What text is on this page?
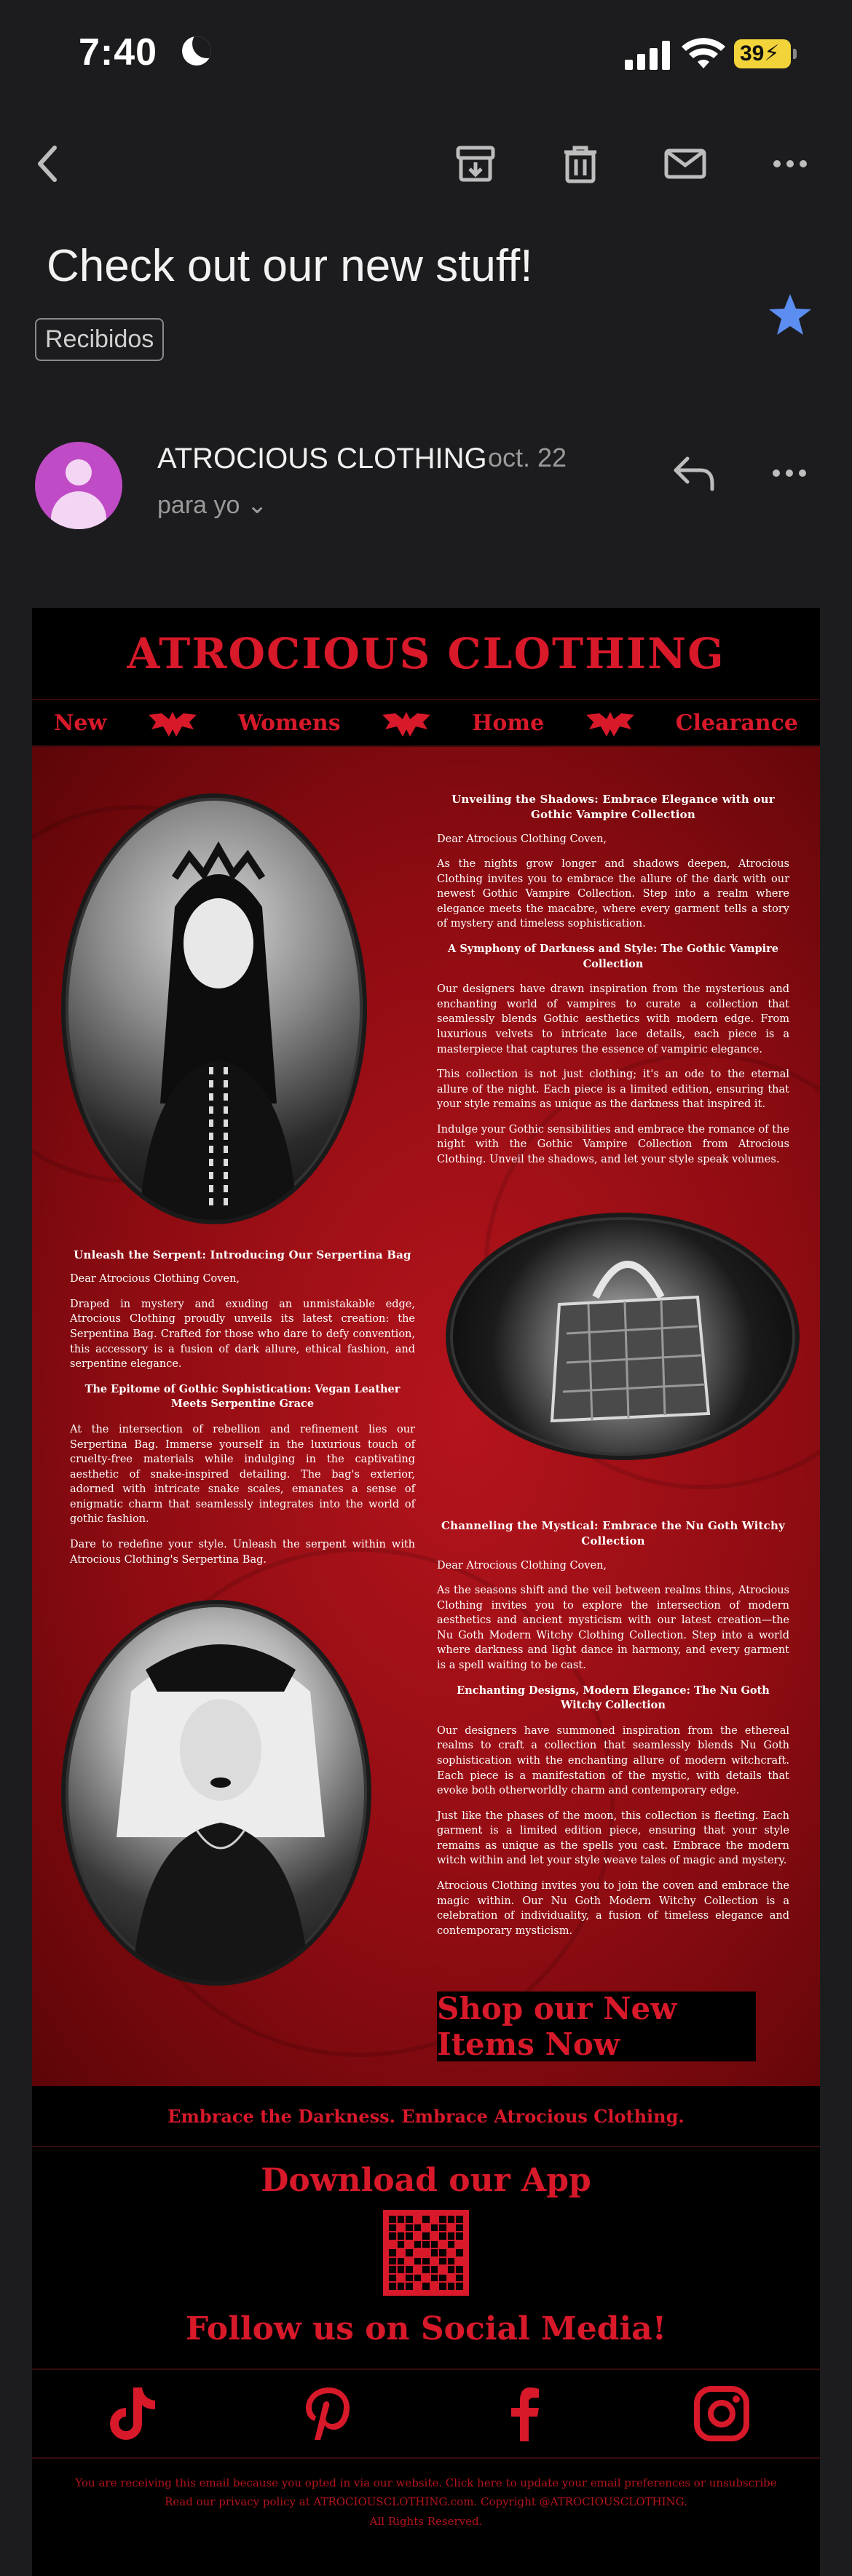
7:40	39⚡
Check out our new stuff!
Recibidos
ATROCIOUS CLOTHING oct. 22
para yo ⌄
ATROCIOUS CLOTHING
New	Womens	Home	Clearance
Unveiling the Shadows: Embrace Elegance with our Gothic Vampire Collection

Dear Atrocious Clothing Coven,

As the nights grow longer and shadows deepen, Atrocious Clothing invites you to embrace the allure of the dark with our newest Gothic Vampire Collection. Step into a realm where elegance meets the macabre, where every garment tells a story of mystery and timeless sophistication.

A Symphony of Darkness and Style: The Gothic Vampire Collection

Our designers have drawn inspiration from the mysterious and enchanting world of vampires to curate a collection that seamlessly blends Gothic aesthetics with modern edge. From luxurious velvets to intricate lace details, each piece is a masterpiece that captures the essence of vampiric elegance.

This collection is not just clothing; it's an ode to the eternal allure of the night. Each piece is a limited edition, ensuring that your style remains as unique as the darkness that inspired it.

Indulge your Gothic sensibilities and embrace the romance of the night with the Gothic Vampire Collection from Atrocious Clothing. Unveil the shadows, and let your style speak volumes.

Unleash the Serpent: Introducing Our Serpertina Bag

Dear Atrocious Clothing Coven,

Draped in mystery and exuding an unmistakable edge, Atrocious Clothing proudly unveils its latest creation: the Serpentina Bag. Crafted for those who dare to defy convention, this accessory is a fusion of dark allure, ethical fashion, and serpentine elegance.

The Epitome of Gothic Sophistication: Vegan Leather Meets Serpentine Grace

At the intersection of rebellion and refinement lies our Serpertina Bag. Immerse yourself in the luxurious touch of cruelty-free materials while indulging in the captivating aesthetic of snake-inspired detailing. The bag's exterior, adorned with intricate snake scales, emanates a sense of enigmatic charm that seamlessly integrates into the world of gothic fashion.

Dare to redefine your style. Unleash the serpent within with Atrocious Clothing's Serpertina Bag.

Channeling the Mystical: Embrace the Nu Goth Witchy Collection

Dear Atrocious Clothing Coven,

As the seasons shift and the veil between realms thins, Atrocious Clothing invites you to explore the intersection of modern aesthetics and ancient mysticism with our latest creation—the Nu Goth Modern Witchy Clothing Collection. Step into a world where darkness and light dance in harmony, and every garment is a spell waiting to be cast.

Enchanting Designs, Modern Elegance: The Nu Goth Witchy Collection

Our designers have summoned inspiration from the ethereal realms to craft a collection that seamlessly blends Nu Goth sophistication with the enchanting allure of modern witchcraft. Each piece is a manifestation of the mystic, with details that evoke both otherworldly charm and contemporary edge.

Just like the phases of the moon, this collection is fleeting. Each garment is a limited edition piece, ensuring that your style remains as unique as the spells you cast. Embrace the modern witch within and let your style weave tales of magic and mystery.

Atrocious Clothing invites you to join the coven and embrace the magic within. Our Nu Goth Modern Witchy Collection is a celebration of individuality, a fusion of timeless elegance and contemporary mysticism.

Shop our New Items Now
Embrace the Darkness. Embrace Atrocious Clothing.
Download our App
Follow us on Social Media!
You are receiving this email because you opted in via our website. Click here to update your email preferences or unsubscribe
Read our privacy policy at ATROCIOUSCLOTHING.com. Copyright @ATROCIOUSCLOTHING.
All Rights Reserved.
